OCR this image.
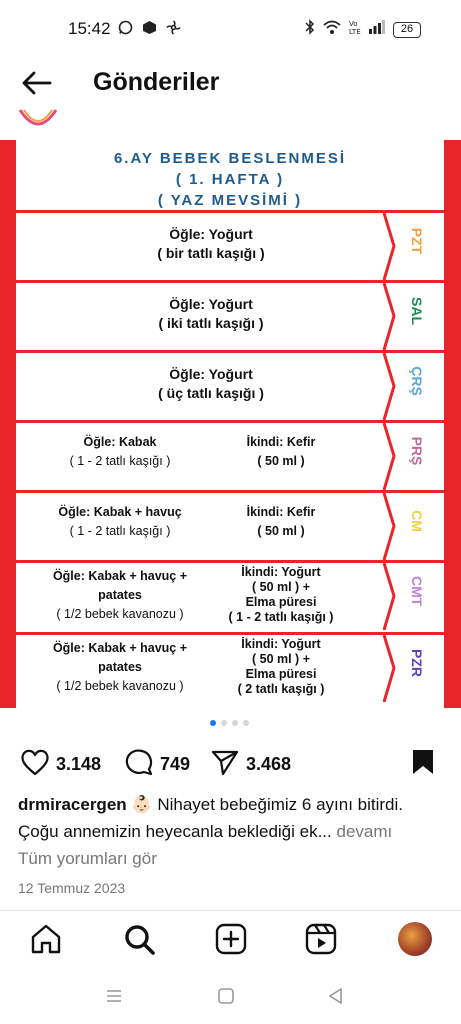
15:42	Vo
LTE	26
Gönderiler
6.AY BEBEK BESLENMESİ
( 1. HAFTA )
( YAZ MEVSİMİ )
Öğle: Yoğurt
( bir tatlı kaşığı )	PZT
Öğle: Yoğurt
( iki tatlı kaşığı )	SAL
Öğle: Yoğurt
( üç tatlı kaşığı )	ÇRŞ
Öğle: Kabak
( 1 - 2 tatlı kaşığı )
İkindi: Kefir
( 50 ml )	PRŞ
Öğle: Kabak + havuç
( 1 - 2 tatlı kaşığı )
İkindi: Kefir
( 50 ml )	CM
Öğle: Kabak + havuç + patates
( 1/2 bebek kavanozu )
İkindi: Yoğurt
( 50 ml ) +
Elma püresi
( 1 - 2 tatlı kaşığı )
CMT
Öğle: Kabak + havuç + patates
( 1/2 bebek kavanozu )
İkindi: Yoğurt
( 50 ml ) +
Elma püresi
( 2 tatlı kaşığı )
PZR
3.148	749	3.468
drmiracergen 👶🏻 Nihayet bebeğimiz 6 ayını bitirdi. Çoğu annemizin heyecanla beklediği ek... devamı
Tüm yorumları gör
12 Temmuz 2023
